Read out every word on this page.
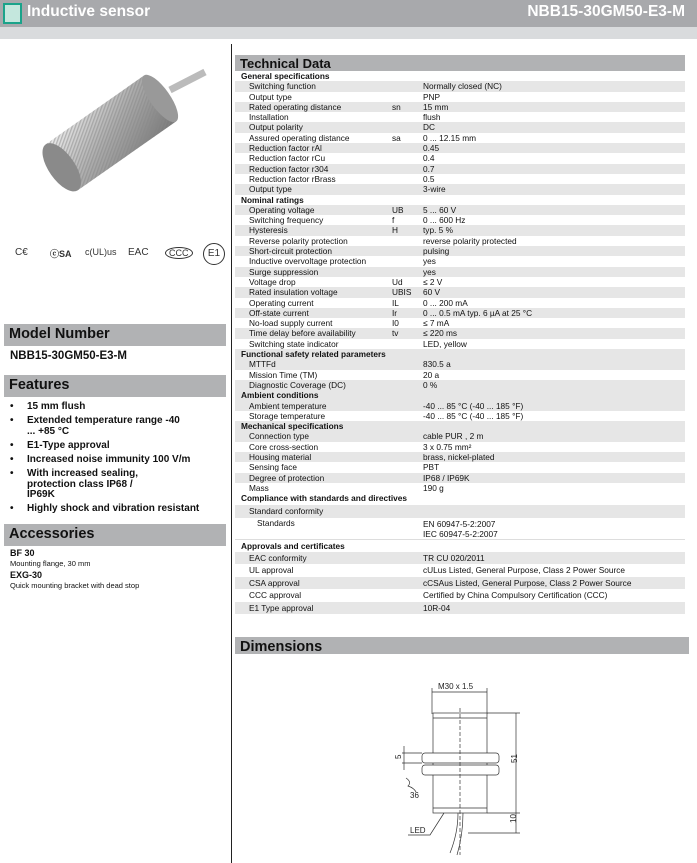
Inductive sensor	NBB15-30GM50-E3-M
C€ ⓒSA c(UL)us EAC	CCC	E1
Model Number
NBB15-30GM50-E3-M
Features
• 15 mm flush
• Extended temperature range -40 ... +85 °C
• E1-Type approval
• Increased noise immunity 100 V/m
• With increased sealing, protection class IP68 / IP69K
• Highly shock and vibration resistant
Accessories
BF 30
Mounting flange, 30 mm
EXG-30
Quick mounting bracket with dead stop
Technical Data
General specifications
Switching function	Normally closed (NC)
Output type	PNP
Rated operating distance	sn	15 mm
Installation	flush
Output polarity	DC
Assured operating distance	sa	0 ... 12.15 mm
Reduction factor rAl	0.45
Reduction factor rCu	0.4
Reduction factor r304	0.7
Reduction factor rBrass	0.5
Output type	3-wire
Nominal ratings
Operating voltage	UB 5 ... 60 V
Switching frequency	f	0 ... 600 Hz
Hysteresis	H	typ. 5 %
Reverse polarity protection	reverse polarity protected
Short-circuit protection	pulsing
Inductive overvoltage protection	yes
Surge suppression	yes
Voltage drop	Ud ≤ 2 V
Rated insulation voltage	UBIS 60 V
Operating current	IL	0 ... 200 mA
Off-state current	Ir	0 ... 0.5 mA typ. 6 µA at 25 °C
No-load supply current	I0	≤ 7 mA
Time delay before availability	tv	≤ 220 ms
Switching state indicator	LED, yellow
Functional safety related parameters
MTTFd	830.5 a
Mission Time (TM)	20 a
Diagnostic Coverage (DC)	0 %
Ambient conditions
Ambient temperature	-40 ... 85 °C (-40 ... 185 °F)
Storage temperature	-40 ... 85 °C (-40 ... 185 °F)
Mechanical specifications
Connection type	cable PUR , 2 m
Core cross-section	3 x 0.75 mm²
Housing material	brass, nickel-plated
Sensing face	PBT
Degree of protection	IP68 / IP69K
Mass	190 g
Compliance with standards and directives
Standard conformity
Standards	EN 60947-5-2:2007
IEC 60947-5-2:2007
Approvals and certificates
EAC conformity	TR CU 020/2011
UL approval	cULus Listed, General Purpose, Class 2 Power Source
CSA approval	cCSAus Listed, General Purpose, Class 2 Power Source
CCC approval	Certified by China Compulsory Certification (CCC)
E1 Type approval	10R-04
Dimensions
M30 x 1.5
5
36
51
10
LED
